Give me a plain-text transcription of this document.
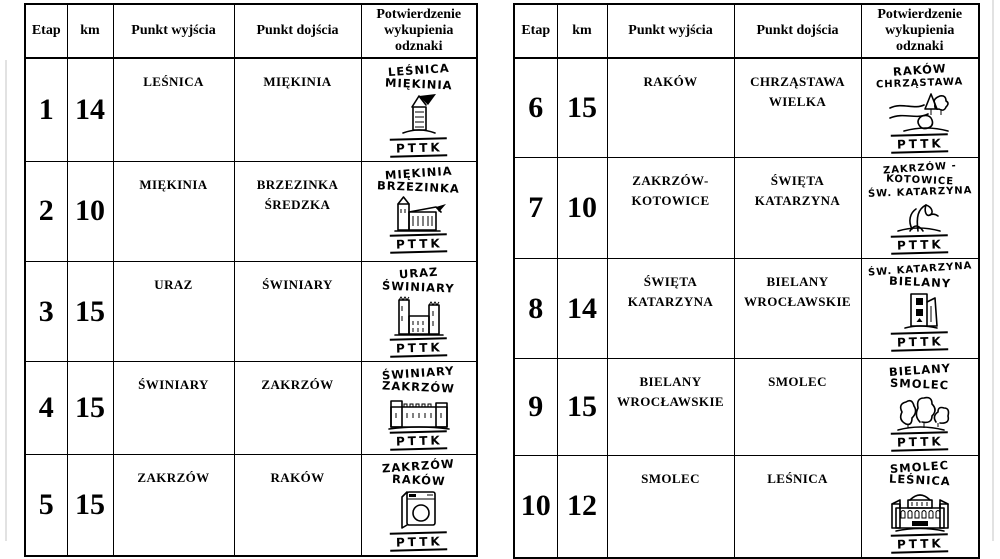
Etap	km	Punkt wyjścia	Punkt dojścia	Potwierdzenie wykupienia odznaki
1	14	LEŚNICA	MIĘKINIA	LEŚNICA
MIĘKINIA
PTTK

2	10	MIĘKINIA	BRZEZINKA ŚREDZKA	MIĘKINIA
BRZEZINKA
PTTK

3	15	URAZ	ŚWINIARY	URAZ
ŚWINIARY
PTTK

4	15	ŚWINIARY	ZAKRZÓW	ŚWINIARY
ZAKRZÓW
PTTK

5	15	ZAKRZÓW	RAKÓW	ZAKRZÓW
RAKÓW
PTTK
Etap	km	Punkt wyjścia	Punkt dojścia	Potwierdzenie wykupienia odznaki
6	15	RAKÓW	CHRZĄSTAWA WIELKA	RAKÓW
CHRZĄSTAWA
PTTK

7	10	ZAKRZÓW-KOTOWICE	ŚWIĘTA KATARZYNA	ZAKRZÓW -
KOTOWICE
ŚW. KATARZYNA
PTTK

8	14	ŚWIĘTA KATARZYNA	BIELANY WROCŁAWSKIE	ŚW. KATARZYNA
BIELANY
PTTK

9	15	BIELANY WROCŁAWSKIE	SMOLEC	BIELANY
SMOLEC
PTTK

10	12	SMOLEC	LEŚNICA	SMOLEC
LEŚNICA
PTTK
